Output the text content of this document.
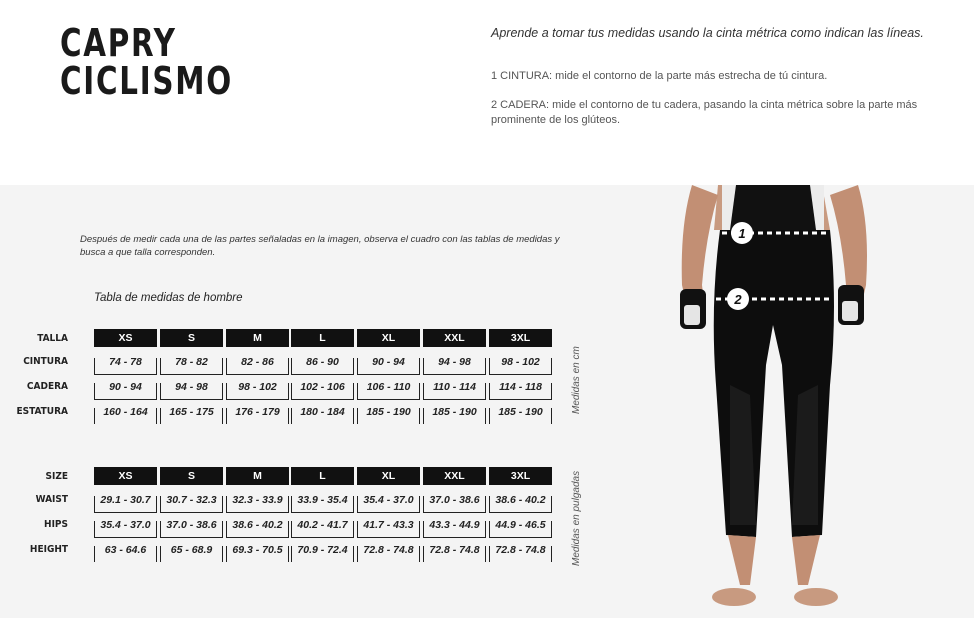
CAPRY
CICLISMO
Aprende a tomar tus medidas usando la cinta métrica como indican las líneas.
1 CINTURA: mide el contorno de la parte más estrecha de tú cintura.
2 CADERA: mide el contorno de tu cadera, pasando la cinta métrica sobre la parte más prominente de los glúteos.
Después de medir cada una de las partes señaladas en la imagen, observa el cuadro con las tablas de medidas y busca a que talla corresponden.
Tabla de medidas de hombre
TALLA	XS	S	M	L	XL	XXL	3XL
CINTURA	74 - 78	78 - 82	82 - 86	86 - 90	90 - 94	94 - 98	98 - 102
CADERA	90 - 94	94 - 98	98 - 102	102 - 106	106 - 110	110 - 114	114 - 118
ESTATURA	160 - 164	165 - 175	176 - 179	180 - 184	185 - 190	185 - 190	185 - 190	Medidas en cm
SIZE	XS	S	M	L	XL	XXL	3XL
WAIST	29.1 - 30.7	30.7 - 32.3	32.3 - 33.9	33.9 - 35.4	35.4 - 37.0	37.0 - 38.6	38.6 - 40.2
HIPS	35.4 - 37.0	37.0 - 38.6	38.6 - 40.2	40.2 - 41.7	41.7 - 43.3	43.3 - 44.9	44.9 - 46.5
HEIGHT	63 - 64.6	65 - 68.9	69.3 - 70.5	70.9 - 72.4	72.8 - 74.8	72.8 - 74.8	72.8 - 74.8	Medidas en pulgadas
1
2
